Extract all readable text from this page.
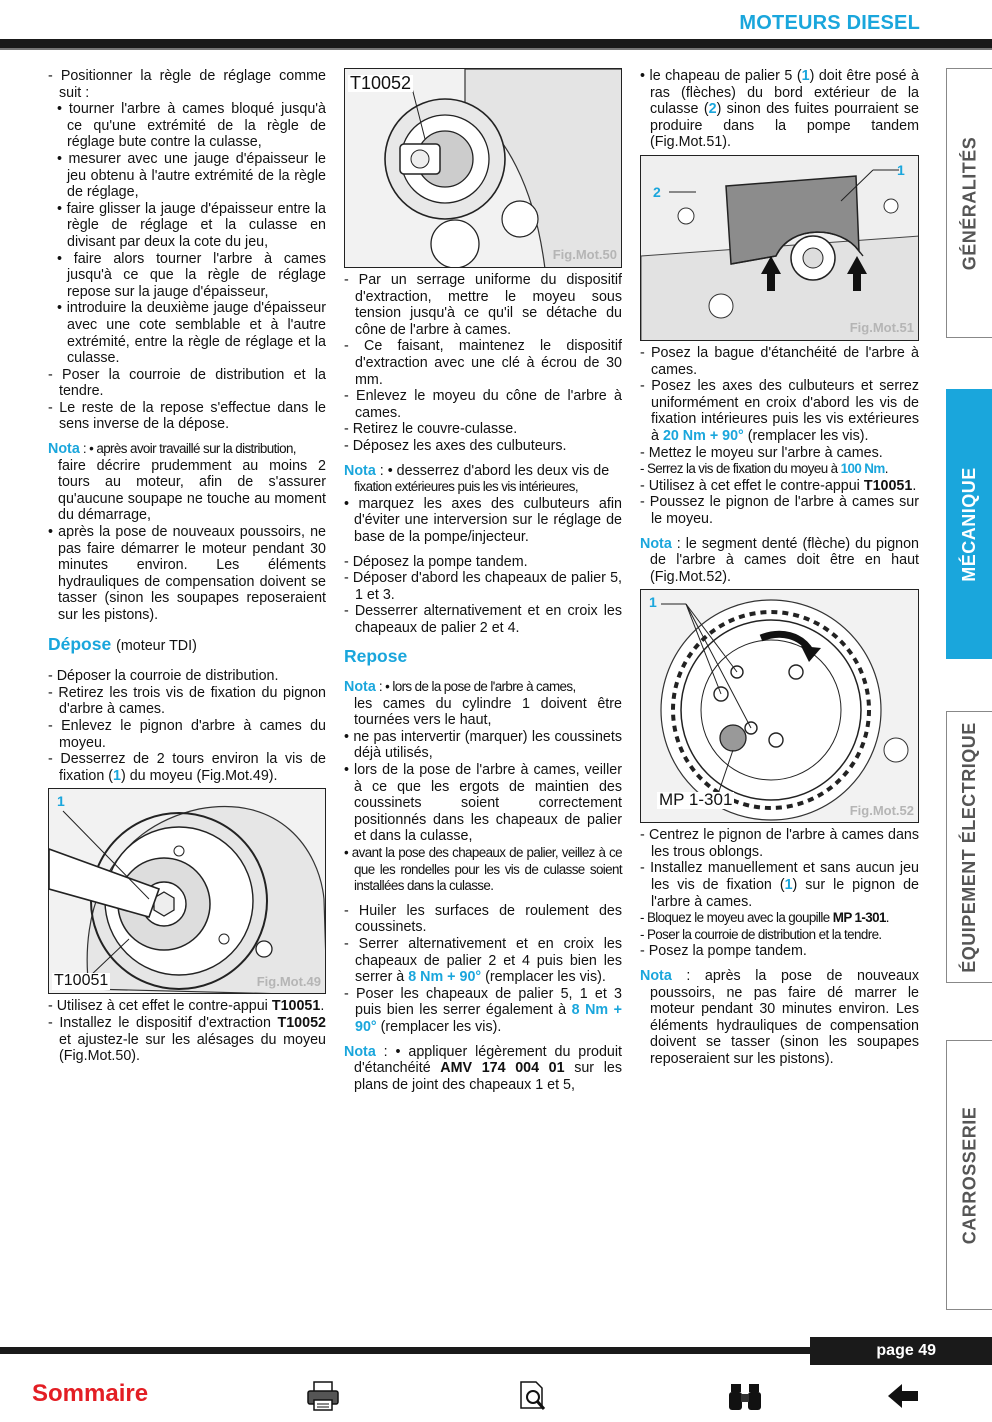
MOTEURS DIESEL

- Positionner la règle de réglage comme suit :

• tourner l'arbre à cames bloqué jusqu'à ce qu'une extrémité de la règle de réglage bute contre la culasse,

• mesurer avec une jauge d'épaisseur le jeu obtenu à l'autre extrémité de la règle de réglage,

• faire glisser la jauge d'épaisseur entre la règle de réglage et la culasse en divisant par deux la cote du jeu,

• faire alors tourner l'arbre à cames jusqu'à ce que la règle de réglage repose sur la jauge d'épaisseur,

• introduire la deuxième jauge d'épaisseur avec une cote semblable et à l'autre extrémité, entre la règle de réglage et la culasse.

- Poser la courroie de distribution et la tendre.

- Le reste de la repose s'effectue dans le sens inverse de la dépose.

Nota : • après avoir travaillé sur la distribution,

faire décrire prudemment au moins 2 tours au moteur, afin de s'assurer qu'aucune soupape ne touche au moment du démarrage,

• après la pose de nouveaux poussoirs, ne pas faire démarrer le moteur pendant 30 minutes environ. Les éléments hydrauliques de compensation doivent se tasser (sinon les soupapes reposeraient sur les pistons).

Dépose (moteur TDI)

- Déposer la courroie de distribution.

- Retirez les trois vis de fixation du pignon d'arbre à cames.

- Enlevez le pignon d'arbre à cames du moyeu.

- Desserrez de 2 tours environ la vis de fixation (1) du moyeu (Fig.Mot.49).

1
T10051	Fig.Mot.49

- Utilisez à cet effet le contre-appui T10051.

- Installez le dispositif d'extraction T10052 et ajustez-le sur les alésages du moyeu (Fig.Mot.50).

T10052
Fig.Mot.50

- Par un serrage uniforme du dispositif d'extraction, mettre le moyeu sous tension jusqu'à ce qu'il se détache du cône de l'arbre à cames.

- Ce faisant, maintenez le dispositif d'extraction avec une clé à écrou de 30 mm.

- Enlevez le moyeu du cône de l'arbre à cames.

- Retirez le couvre-culasse.

- Déposez les axes des culbuteurs.

Nota : • desserrez d'abord les deux vis de

fixation extérieures puis les vis intérieures,

• marquez les axes des culbuteurs afin d'éviter une interversion sur le réglage de base de la pompe/injecteur.

- Déposez la pompe tandem.

- Déposer d'abord les chapeaux de palier 5, 1 et 3.

- Desserrer alternativement et en croix les chapeaux de palier 2 et 4.

Repose

Nota : • lors de la pose de l'arbre à cames,

les cames du cylindre 1 doivent être tournées vers le haut,

• ne pas intervertir (marquer) les coussinets déjà utilisés,

• lors de la pose de l'arbre à cames, veiller à ce que les ergots de maintien des coussinets soient correctement positionnés dans les chapeaux de palier et dans la culasse,

• avant la pose des chapeaux de palier, veillez à ce que les rondelles pour les vis de culasse soient installées dans la culasse.

- Huiler les surfaces de roulement des coussinets.

- Serrer alternativement et en croix les chapeaux de palier 2 et 4 puis bien les serrer à 8 Nm + 90° (remplacer les vis).

- Poser les chapeaux de palier 5, 1 et 3 puis bien les serrer également à 8 Nm + 90° (remplacer les vis).

Nota : • appliquer légèrement du produit d'étanchéité AMV 174 004 01 sur les plans de joint des chapeaux 1 et 5,

• le chapeau de palier 5 (1) doit être posé à ras (flèches) du bord extérieur de la culasse (2) sinon des fuites pourraient se produire dans la pompe tandem (Fig.Mot.51).

1
2
Fig.Mot.51

- Posez la bague d'étanchéité de l'arbre à cames.

- Posez les axes des culbuteurs et serrez uniformément en croix d'abord les vis de fixation intérieures puis les vis extérieures à 20 Nm + 90° (remplacer les vis).

- Mettez le moyeu sur l'arbre à cames.

- Serrez la vis de fixation du moyeu à 100 Nm.

- Utilisez à cet effet le contre-appui T10051.

- Poussez le pignon de l'arbre à cames sur le moyeu.

Nota : le segment denté (flèche) du pignon de l'arbre à cames doit être en haut (Fig.Mot.52).

1
MP 1-301
Fig.Mot.52

- Centrez le pignon de l'arbre à cames dans les trous oblongs.

- Installez manuellement et sans aucun jeu les vis de fixation (1) sur le pignon de l'arbre à cames.

- Bloquez le moyeu avec la goupille MP 1-301.

- Poser la courroie de distribution et la tendre.

- Posez la pompe tandem.

Nota : après la pose de nouveaux poussoirs, ne pas faire dé marrer le moteur pendant 30 minutes environ. Les éléments hydrauliques de compensation doivent se tasser (sinon les soupapes reposeraient sur les pistons).

GÉNÉRALITÉS
MÉCANIQUE
ÉQUIPEMENT ÉLECTRIQUE
CARROSSERIE
page 49
Sommaire
